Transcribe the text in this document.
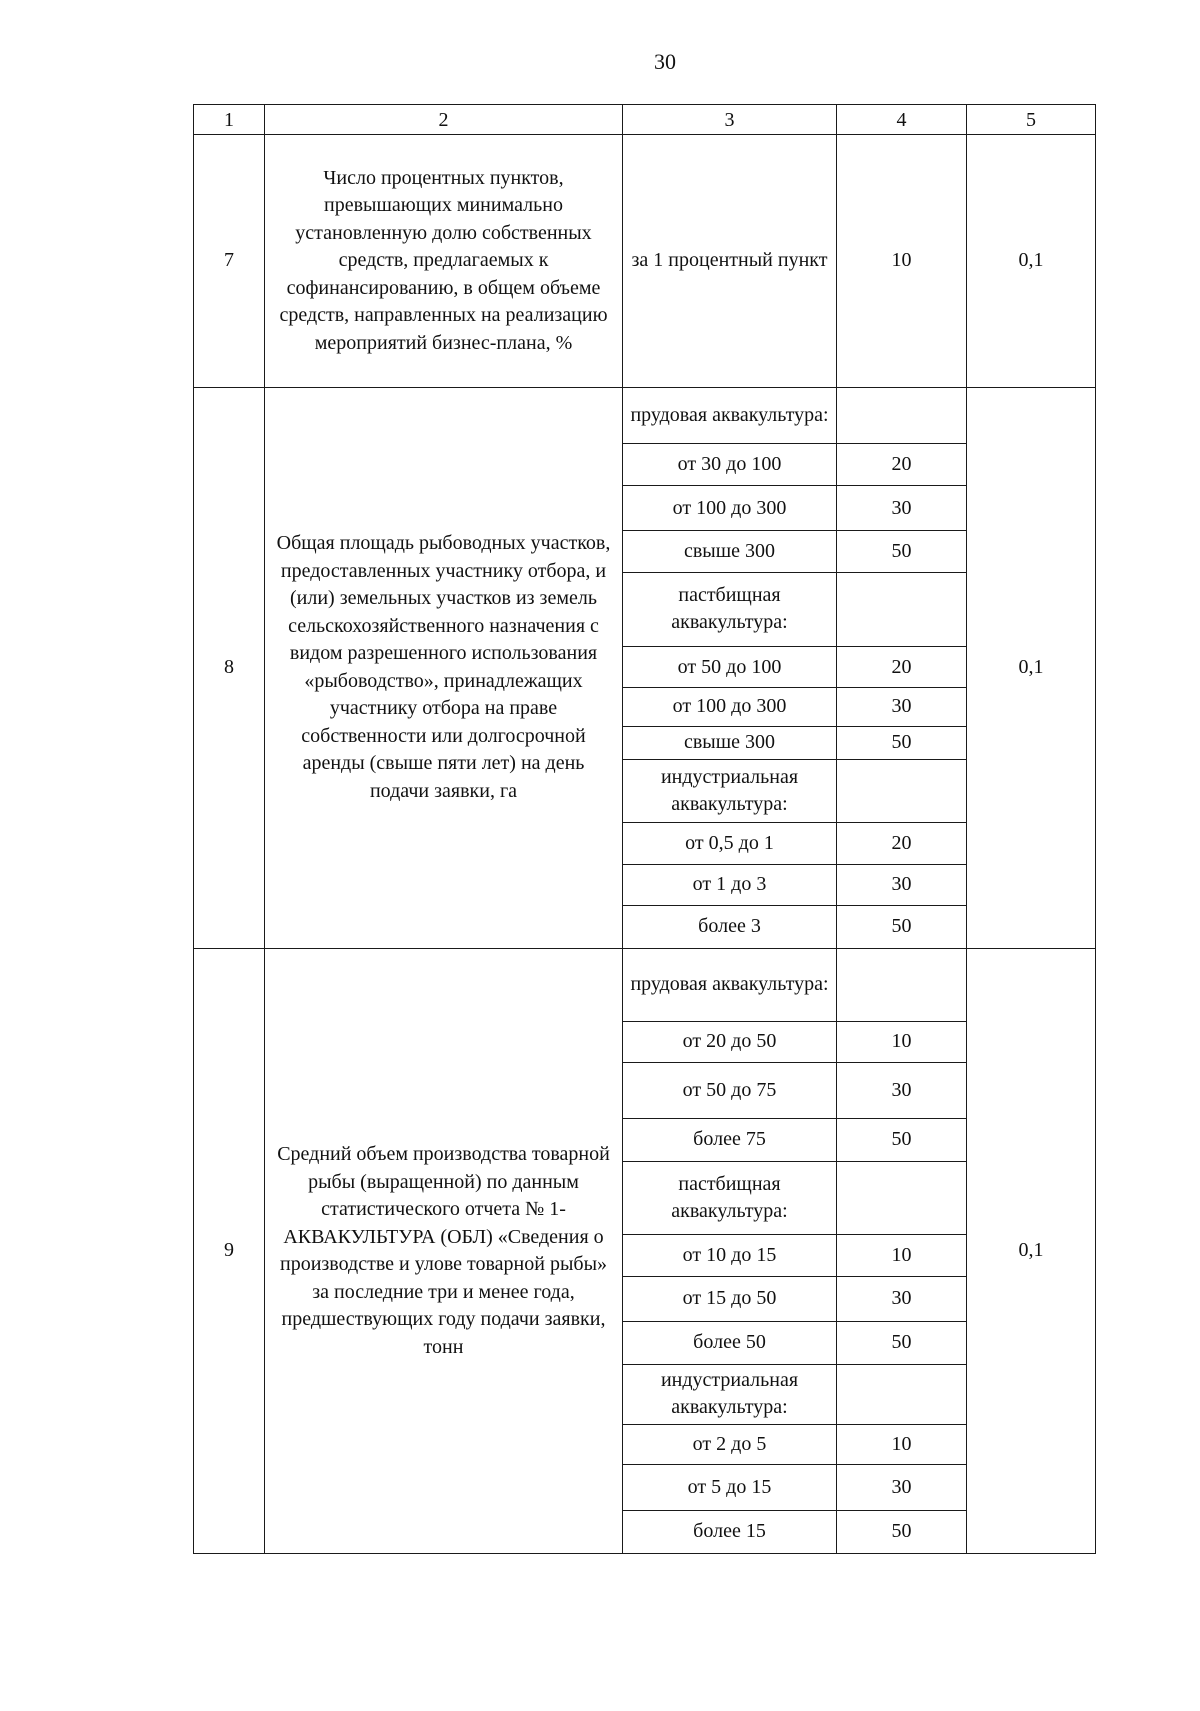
30
1	2	3	4	5
7	Число процентных пунктов, превышающих минимально установленную долю собственных средств, предлагаемых к софинансированию, в общем объеме средств, направленных на реализацию мероприятий бизнес-плана, %	за 1 процентный пункт	10	0,1
8	Общая площадь рыбоводных участков, предоставленных участнику отбора, и (или) земельных участков из земель сельскохозяйственного назначения с видом разрешенного использования «рыбоводство», принадлежащих участнику отбора на праве собственности или долгосрочной аренды (свыше пяти лет) на день подачи заявки, га	прудовая аквакультура:		0,1
		от 30 до 100	20	
		от 100 до 300	30	
		свыше 300	50	
		пастбищная аквакультура:		
		от 50 до 100	20	
		от 100 до 300	30	
		свыше 300	50	
		индустриальная аквакультура:		
		от 0,5 до 1	20	
		от 1 до 3	30	
		более 3	50	
9	Средний объем производства товарной рыбы (выращенной) по данным статистического отчета № 1-АКВАКУЛЬТУРА (ОБЛ) «Сведения о производстве и улове товарной рыбы» за последние три и менее года, предшествующих году подачи заявки, тонн	прудовая аквакультура:		0,1
		от 20 до 50	10	
		от 50 до 75	30	
		более 75	50	
		пастбищная аквакультура:		
		от 10 до 15	10	
		от 15 до 50	30	
		более 50	50	
		индустриальная аквакультура:		
		от 2 до 5	10	
		от 5 до 15	30	
		более 15	50	
